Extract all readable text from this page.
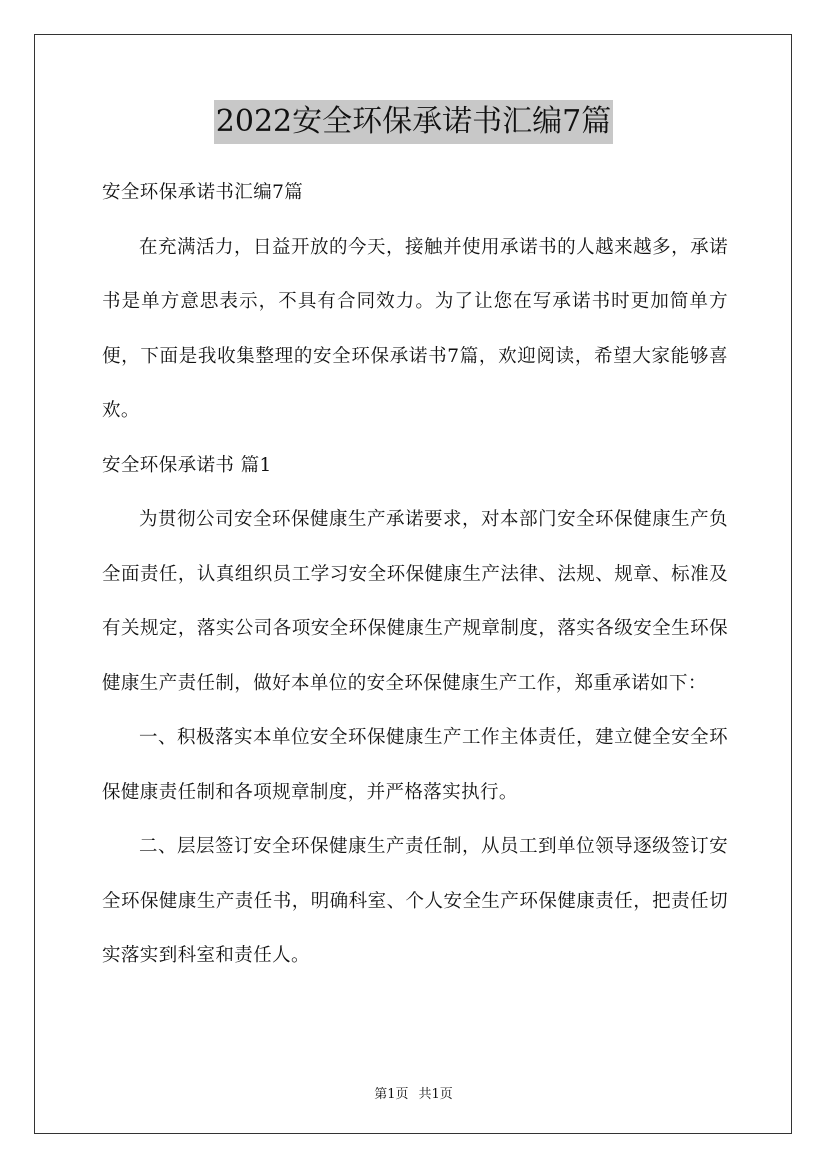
2022安全环保承诺书汇编7篇

安全环保承诺书汇编7篇

在充满活力，日益开放的今天，接触并使用承诺书的人越来越多，承诺书是单方意思表示，不具有合同效力。为了让您在写承诺书时更加简单方便，下面是我收集整理的安全环保承诺书7篇，欢迎阅读，希望大家能够喜欢。

安全环保承诺书 篇1

为贯彻公司安全环保健康生产承诺要求，对本部门安全环保健康生产负全面责任，认真组织员工学习安全环保健康生产法律、法规、规章、标准及有关规定，落实公司各项安全环保健康生产规章制度，落实各级安全生环保健康生产责任制，做好本单位的安全环保健康生产工作，郑重承诺如下：

一、积极落实本单位安全环保健康生产工作主体责任，建立健全安全环保健康责任制和各项规章制度，并严格落实执行。

二、层层签订安全环保健康生产责任制，从员工到单位领导逐级签订安全环保健康生产责任书，明确科室、个人安全生产环保健康责任，把责任切实落实到科室和责任人。

第1页 共1页
